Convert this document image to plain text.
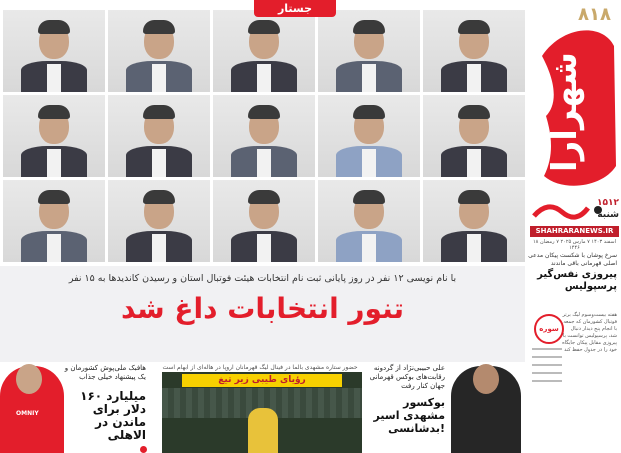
جستار	۸۱۸
شهرآرا
۱۵۱۲
شنبه
SHAHRARANEWS.IR
۱۸ اسفند ۱۴۰۳ ۷ مارس ۲۰۲۵ ۷ رمضان ۱۴۴۶
سرخ پوشان با شکست پیکان مدعی اصلی قهرمانی باقی ماندند
پیروزی نفس‌گیر پرسپولیس
سوره
هفته بیست‌وسوم لیگ برتر فوتبال کشورمان که جمعه با انجام پنج دیدار دنبال شد، پرسپولیس توانست با پیروزی مقابل پیکان جایگاه خود را در جدول حفظ کند
با نام نویسی ۱۲ نفر در روز پایانی ثبت نام انتخابات هیئت فوتبال استان و رسیدن کاندیدها به ۱۵ نفر
تنور انتخابات داغ شد
OMNIY
هافبک ملی‌پوش کشورمان و یک پیشنهاد خیلی جذاب
۱۶۰ میلیارد دلار برای ماندن در الاهلی
حضور ستاره مشهدی بالما در فینال لیگ قهرمانان اروپا در هاله‌ای از ابهام است
رؤیای طیبی زیر تیغ
علی حبیبی‌نژاد از گردونه رقابت‌های بوکس قهرمانی جهان کنار رفت
بوکسور مشهدی اسیر بدشانسی!
